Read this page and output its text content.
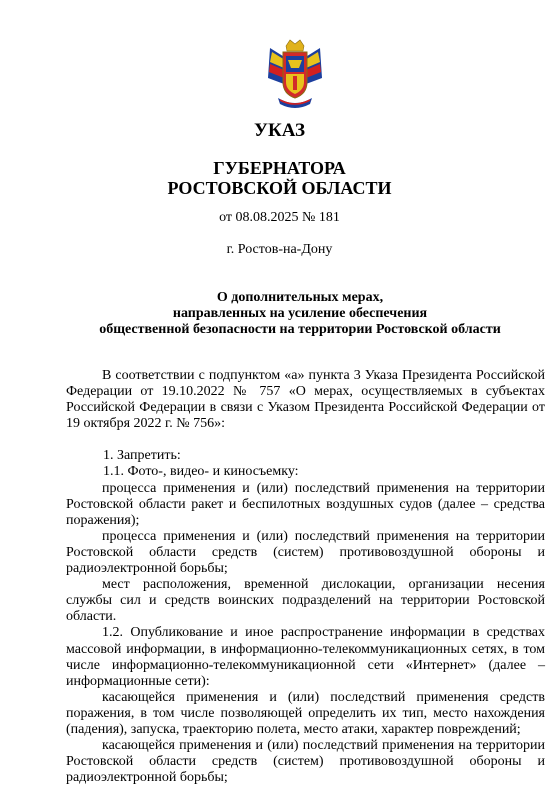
УКАЗ
ГУБЕРНАТОРА
РОСТОВСКОЙ ОБЛАСТИ
от 08.08.2025 № 181
г. Ростов-на-Дону
О дополнительных мерах,
направленных на усиление обеспечения
общественной безопасности на территории Ростовской области

В соответствии с подпунктом «а» пункта 3 Указа Президента Российской Федерации от 19.10.2022 № 757 «О мерах, осуществляемых в субъектах Российской Федерации в связи с Указом Президента Российской Федерации от 19 октября 2022 г. № 756»:

1. Запретить:

1.1. Фото-, видео- и киносъемку:

процесса применения и (или) последствий применения на территории Ростовской области ракет и беспилотных воздушных судов (далее – средства поражения);

процесса применения и (или) последствий применения на территории Ростовской области средств (систем) противовоздушной обороны и радиоэлектронной борьбы;

мест расположения, временной дислокации, организации несения службы сил и средств воинских подразделений на территории Ростовской области.

1.2. Опубликование и иное распространение информации в средствах массовой информации, в информационно-телекоммуникационных сетях, в том числе информационно-телекоммуникационной сети «Интернет» (далее – информационные сети):

касающейся применения и (или) последствий применения средств поражения, в том числе позволяющей определить их тип, место нахождения (падения), запуска, траекторию полета, место атаки, характер повреждений;

касающейся применения и (или) последствий применения на территории Ростовской области средств (систем) противовоздушной обороны и радиоэлектронной борьбы;
